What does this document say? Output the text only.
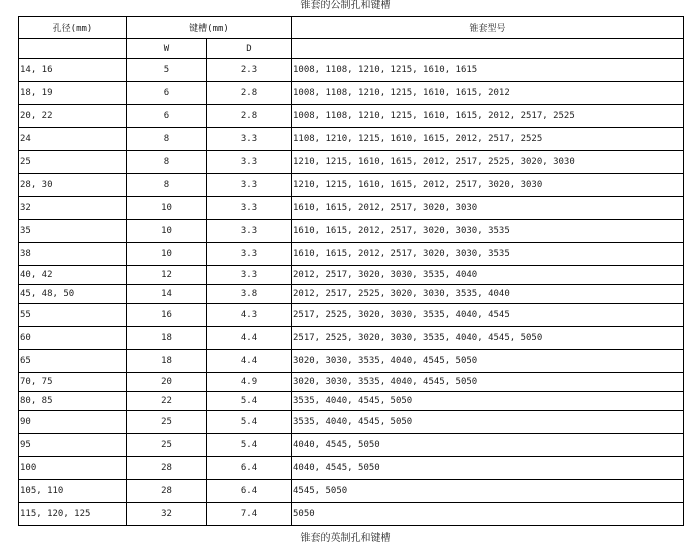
锥套的公制孔和键槽
孔径(mm)	键槽(mm)		锥套型号
	W	D	
14, 16	5	2.3	1008, 1108, 1210, 1215, 1610, 1615
18, 19	6	2.8	1008, 1108, 1210, 1215, 1610, 1615, 2012
20, 22	6	2.8	1008, 1108, 1210, 1215, 1610, 1615, 2012, 2517, 2525
24	8	3.3	1108, 1210, 1215, 1610, 1615, 2012, 2517, 2525
25	8	3.3	1210, 1215, 1610, 1615, 2012, 2517, 2525, 3020, 3030
28, 30	8	3.3	1210, 1215, 1610, 1615, 2012, 2517, 3020, 3030
32	10	3.3	1610, 1615, 2012, 2517, 3020, 3030
35	10	3.3	1610, 1615, 2012, 2517, 3020, 3030, 3535
38	10	3.3	1610, 1615, 2012, 2517, 3020, 3030, 3535
40, 42	12	3.3	2012, 2517, 3020, 3030, 3535, 4040
45, 48, 50	14	3.8	2012, 2517, 2525, 3020, 3030, 3535, 4040
55	16	4.3	2517, 2525, 3020, 3030, 3535, 4040, 4545
60	18	4.4	2517, 2525, 3020, 3030, 3535, 4040, 4545, 5050
65	18	4.4	3020, 3030, 3535, 4040, 4545, 5050
70, 75	20	4.9	3020, 3030, 3535, 4040, 4545, 5050
80, 85	22	5.4	3535, 4040, 4545, 5050
90	25	5.4	3535, 4040, 4545, 5050
95	25	5.4	4040, 4545, 5050
100	28	6.4	4040, 4545, 5050
105, 110	28	6.4	4545, 5050
115, 120, 125	32	7.4	5050
锥套的英制孔和键槽
